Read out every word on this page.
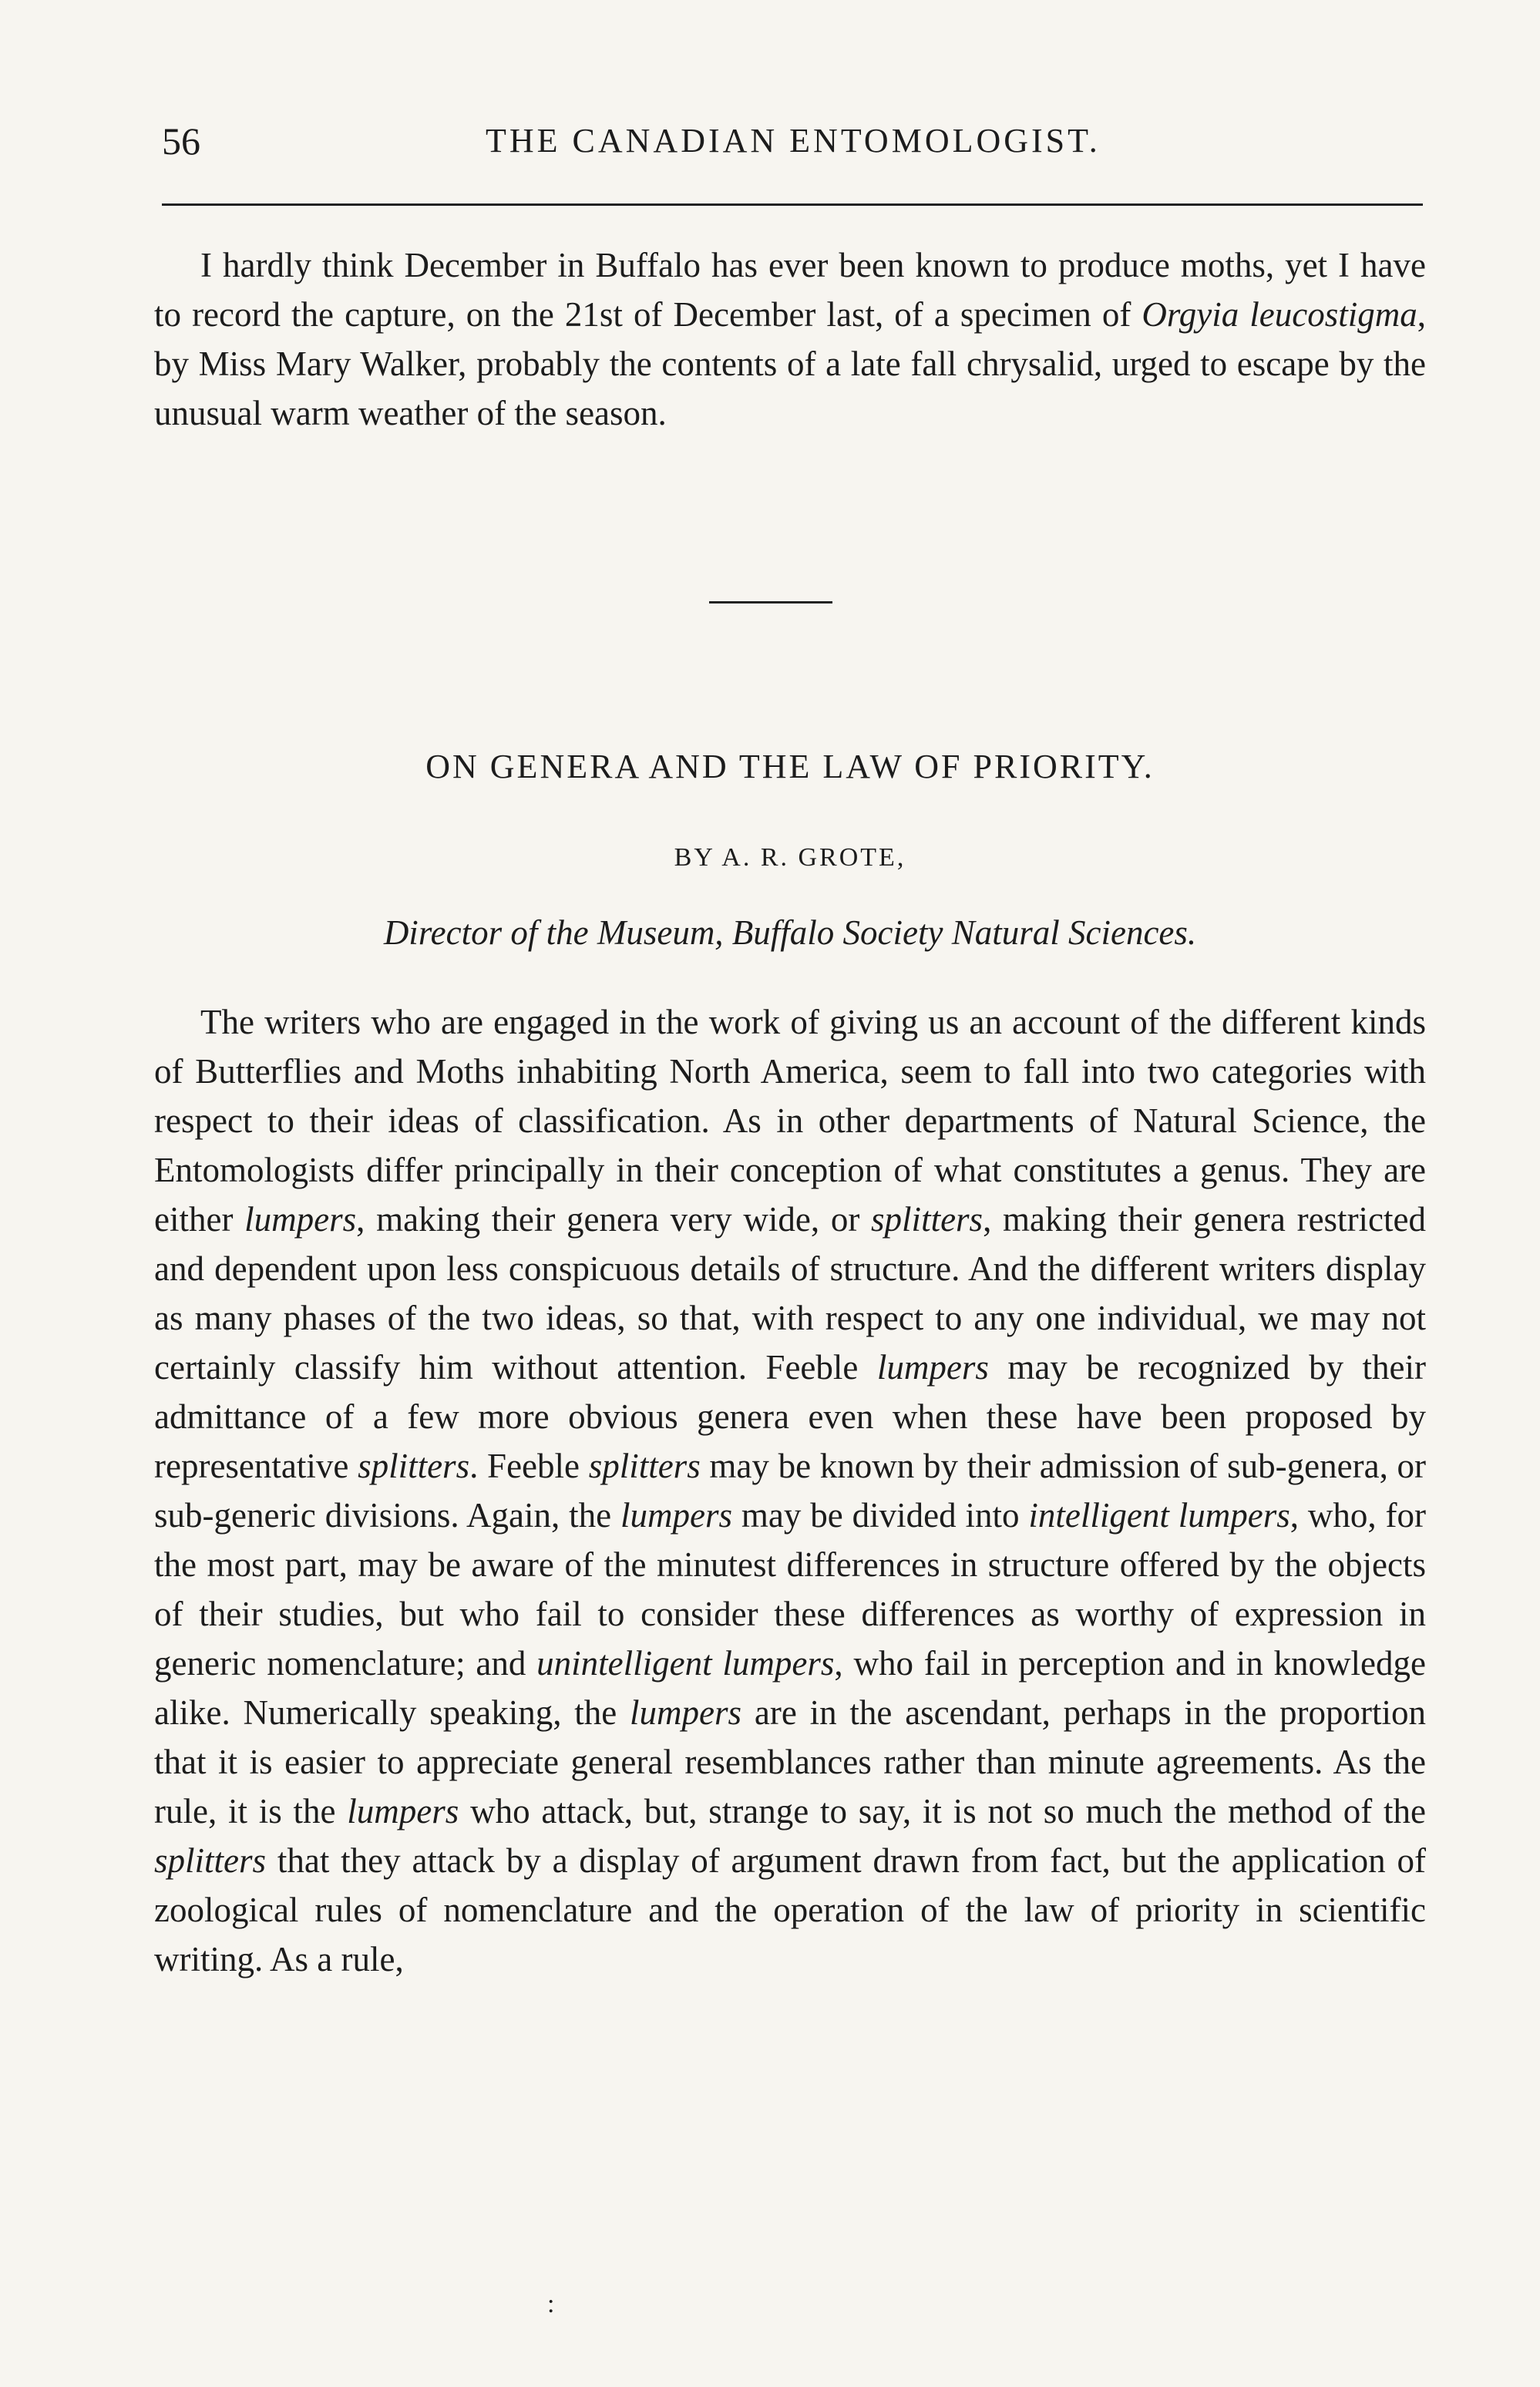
56	THE CANADIAN ENTOMOLOGIST.

I hardly think December in Buffalo has ever been known to produce moths, yet I have to record the capture, on the 21st of December last, of a specimen of Orgyia leucostigma, by Miss Mary Walker, probably the contents of a late fall chrysalid, urged to escape by the unusual warm weather of the season.

ON GENERA AND THE LAW OF PRIORITY.
BY A. R. GROTE,
Director of the Museum, Buffalo Society Natural Sciences.

The writers who are engaged in the work of giving us an account of the different kinds of Butterflies and Moths inhabiting North America, seem to fall into two categories with respect to their ideas of classification. As in other departments of Natural Science, the Entomologists differ principally in their conception of what constitutes a genus. They are either lumpers, making their genera very wide, or splitters, making their genera restricted and dependent upon less conspicuous details of structure. And the different writers display as many phases of the two ideas, so that, with respect to any one individual, we may not certainly classify him without attention. Feeble lumpers may be recognized by their admittance of a few more obvious genera even when these have been proposed by representative splitters. Feeble splitters may be known by their admission of sub-genera, or sub-generic divisions. Again, the lumpers may be divided into intelligent lumpers, who, for the most part, may be aware of the minutest differences in structure offered by the objects of their studies, but who fail to consider these differences as worthy of expression in generic nomenclature; and unintelligent lumpers, who fail in perception and in knowledge alike. Numerically speaking, the lumpers are in the ascendant, perhaps in the proportion that it is easier to appreciate general resemblances rather than minute agreements. As the rule, it is the lumpers who attack, but, strange to say, it is not so much the method of the splitters that they attack by a display of argument drawn from fact, but the application of zoological rules of nomenclature and the operation of the law of priority in scientific writing. As a rule,

:
